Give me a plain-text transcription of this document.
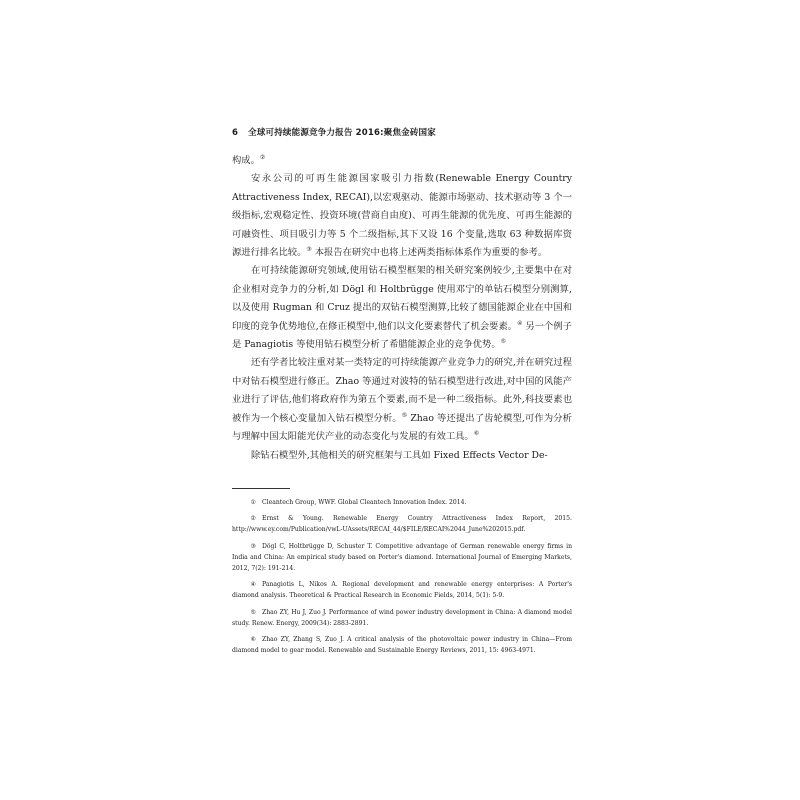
6 全球可持续能源竞争力报告 2016:聚焦金砖国家

构成。②

安永公司的可再生能源国家吸引力指数(Renewable Energy Country Attractiveness Index, RECAI),以宏观驱动、能源市场驱动、技术驱动等 3 个一级指标,宏观稳定性、投资环境(营商自由度)、可再生能源的优先度、可再生能源的可融资性、项目吸引力等 5 个二级指标,其下又设 16 个变量,选取 63 种数据库资源进行排名比较。③ 本报告在研究中也将上述两类指标体系作为重要的参考。

在可持续能源研究领域,使用钻石模型框架的相关研究案例较少,主要集中在对企业相对竞争力的分析,如 Dögl 和 Holtbrügge 使用邓宁的单钻石模型分别测算,以及使用 Rugman 和 Cruz 提出的双钻石模型测算,比较了德国能源企业在中国和印度的竞争优势地位,在修正模型中,他们以文化要素替代了机会要素。④ 另一个例子是 Panagiotis 等使用钻石模型分析了希腊能源企业的竞争优势。⑤

还有学者比较注重对某一类特定的可持续能源产业竞争力的研究,并在研究过程中对钻石模型进行修正。Zhao 等通过对波特的钻石模型进行改进,对中国的风能产业进行了评估,他们将政府作为第五个要素,而不是一种二级指标。此外,科技要素也被作为一个核心变量加入钻石模型分析。⑤ Zhao 等还提出了齿轮模型,可作为分析与理解中国太阳能光伏产业的动态变化与发展的有效工具。⑥

除钻石模型外,其他相关的研究框架与工具如 Fixed Effects Vector De-

① Cleantech Group, WWF. Global Cleantech Innovation Index. 2014.

② Ernst & Young. Renewable Energy Country Attractiveness Index Report, 2015. http://www.ey.com/Publication/vwL-UAssets/RECAI_44/$FILE/RECAI%2044_June%202015.pdf.

③ Dögl C, Holtbrügge D, Schuster T. Competitive advantage of German renewable energy firms in India and China: An empirical study based on Porter's diamond. International Journal of Emerging Markets, 2012, 7(2): 191-214.

④ Panagiotis L, Nikos A. Regional development and renewable energy enterprises: A Porter's diamond analysis. Theoretical & Practical Research in Economic Fields, 2014, 5(1): 5-9.

⑤ Zhao ZY, Hu J, Zuo J. Performance of wind power industry development in China: A diamond model study. Renew. Energy, 2009(34): 2883-2891.

⑥ Zhao ZY, Zhang S, Zuo J. A critical analysis of the photovoltaic power industry in China—From diamond model to gear model. Renewable and Sustainable Energy Reviews, 2011, 15: 4963-4971.
